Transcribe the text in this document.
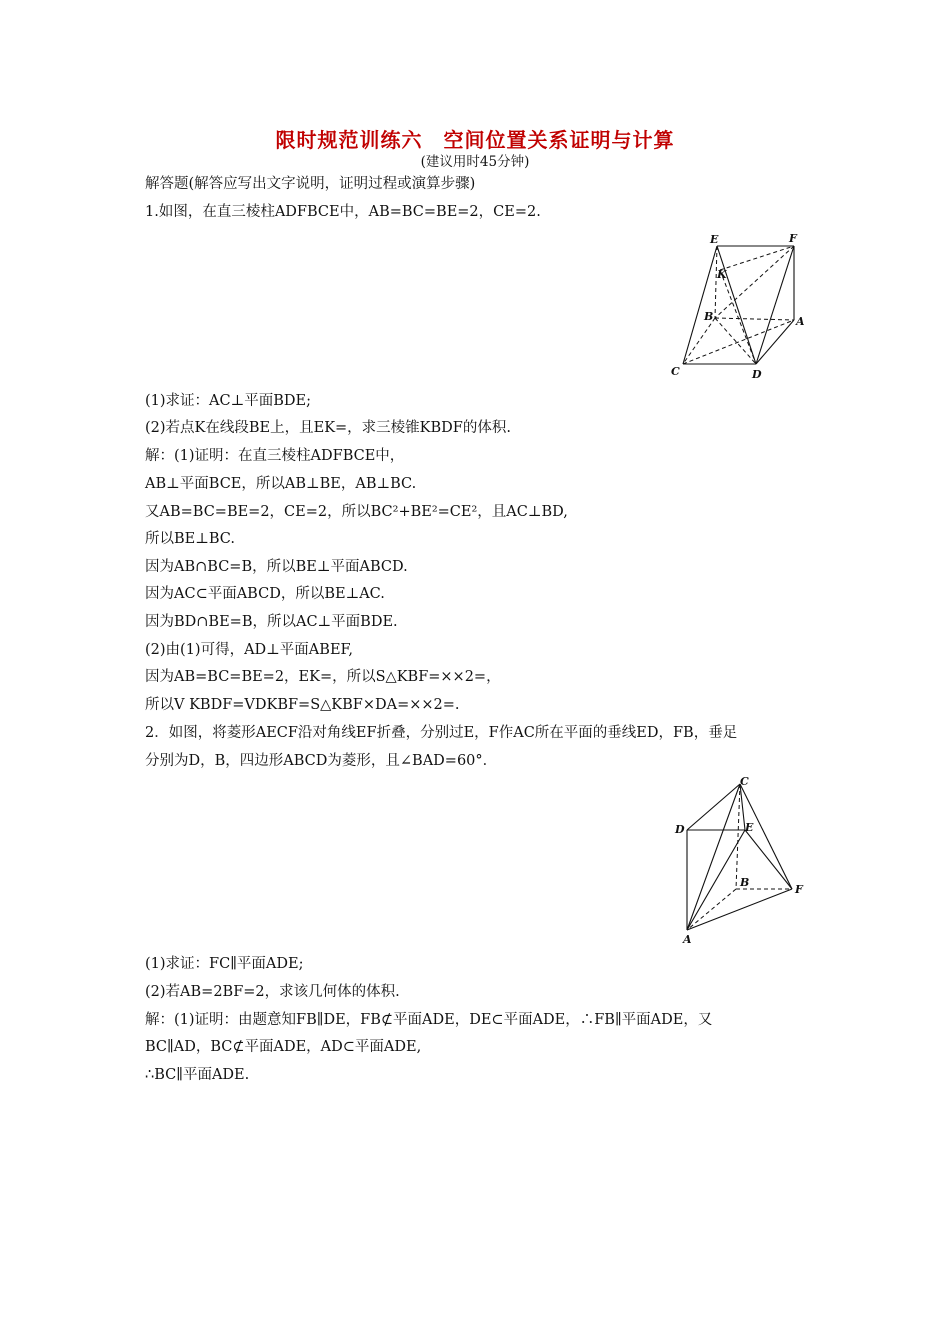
限时规范训练六　空间位置关系证明与计算
(建议用时45分钟)
解答题(解答应写出文字说明，证明过程或演算步骤)
1.如图，在直三棱柱ADFBCE中，AB=BC=BE=2，CE=2.
E	F
K
B	A
C	D
(1)求证：AC⊥平面BDE;
(2)若点K在线段BE上，且EK=，求三棱锥KBDF的体积.
解：(1)证明：在直三棱柱ADFBCE中，
AB⊥平面BCE，所以AB⊥BE，AB⊥BC.
又AB=BC=BE=2，CE=2，所以BC²+BE²=CE²，且AC⊥BD,
所以BE⊥BC.
因为AB∩BC=B，所以BE⊥平面ABCD.
因为AC⊂平面ABCD，所以BE⊥AC.
因为BD∩BE=B，所以AC⊥平面BDE.
(2)由(1)可得，AD⊥平面ABEF,
因为AB=BC=BE=2，EK=，所以S△KBF=××2=，
所以V KBDF=VDKBF=S△KBF×DA=××2=.
2．如图，将菱形AECF沿对角线EF折叠，分别过E，F作AC所在平面的垂线ED，FB，垂足
分别为D，B，四边形ABCD为菱形，且∠BAD=60°．
C
D	E
B
F
A
(1)求证：FC∥平面ADE;
(2)若AB=2BF=2，求该几何体的体积.
解：(1)证明：由题意知FB∥DE，FB⊄平面ADE，DE⊂平面ADE，∴FB∥平面ADE，又
BC∥AD，BC⊄平面ADE，AD⊂平面ADE,
∴BC∥平面ADE.
